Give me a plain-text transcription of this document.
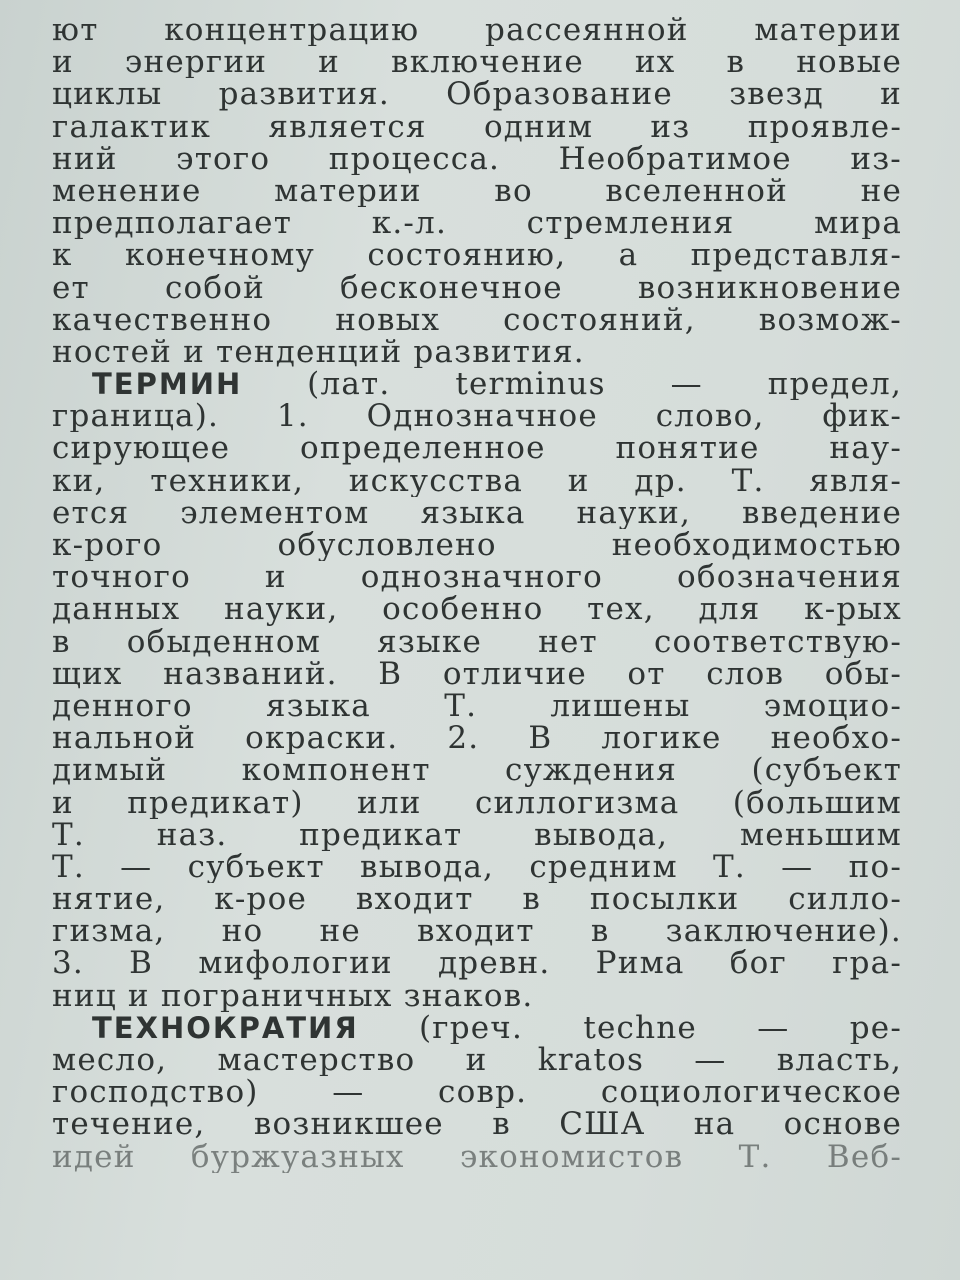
ют концентрацию рассеянной материи
и энергии и включение их в новые
циклы развития. Образование звезд и
галактик является одним из проявле-
ний этого процесса. Необратимое из-
менение материи во вселенной не
предполагает к.-л. стремления мира
к конечному состоянию, а представля-
ет собой бесконечное возникновение
качественно новых состояний, возмож-
ностей и тенденций развития.
ТЕРМИН (лат. terminus — предел,
граница). 1. Однозначное слово, фик-
сирующее определенное понятие нау-
ки, техники, искусства и др. Т. явля-
ется элементом языка науки, введение
к-рого обусловлено необходимостью
точного и однозначного обозначения
данных науки, особенно тех, для к-рых
в обыденном языке нет соответствую-
щих названий. В отличие от слов обы-
денного языка Т. лишены эмоцио-
нальной окраски. 2. В логике необхо-
димый компонент суждения (субъект
и предикат) или силлогизма (большим
Т. наз. предикат вывода, меньшим
Т. — субъект вывода, средним Т. — по-
нятие, к-рое входит в посылки силло-
гизма, но не входит в заключение).
3. В мифологии древн. Рима бог гра-
ниц и пограничных знаков.
ТЕХНОКРАТИЯ (греч. techne — ре-
месло, мастерство и kratos — власть,
господство) — совр. социологическое
течение, возникшее в США на основе
идей буржуазных экономистов Т. Веб-
